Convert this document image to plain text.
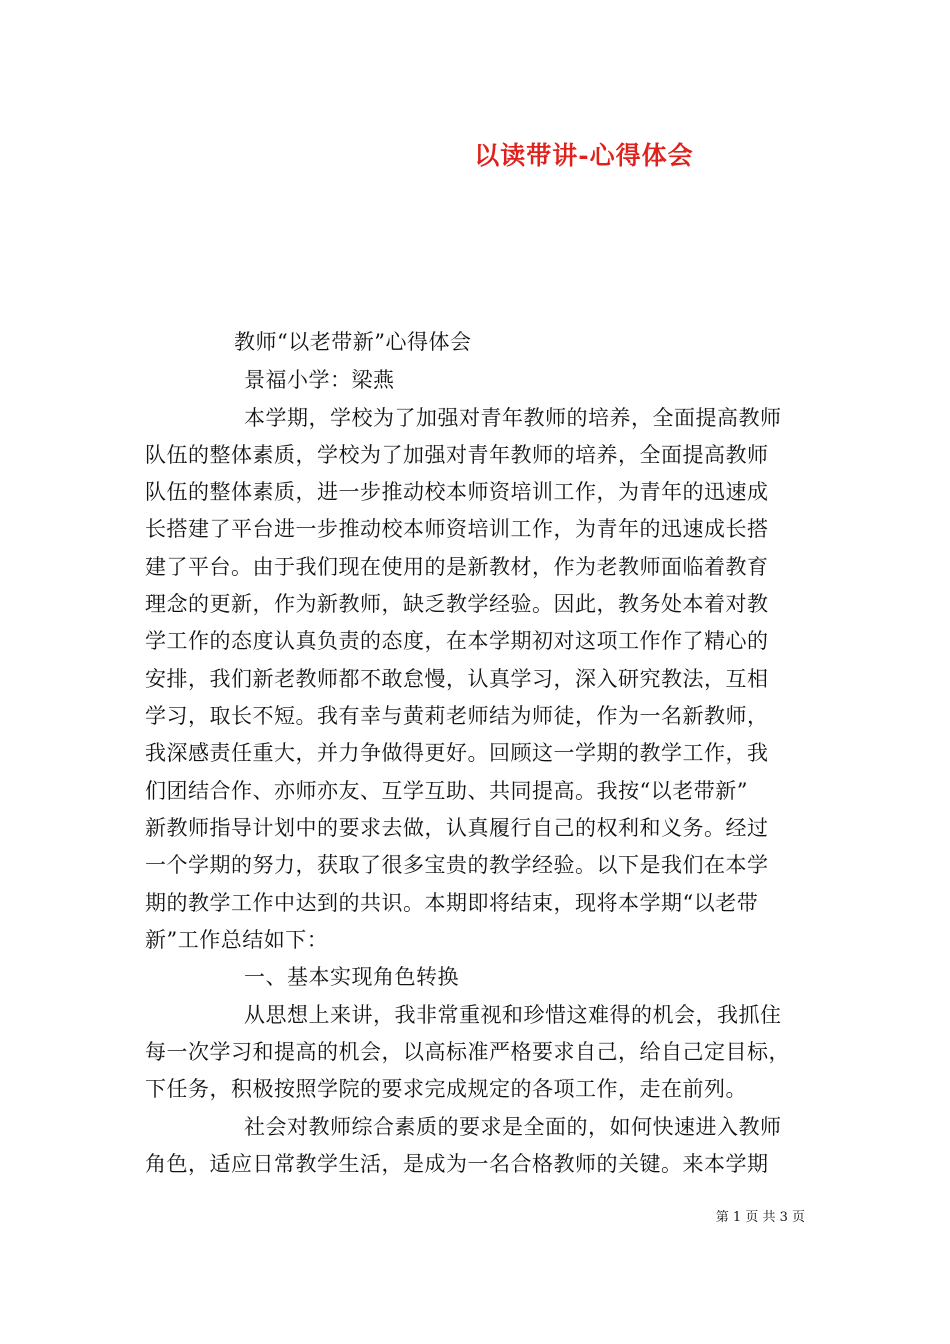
以读带讲-心得体会
教师“以老带新”心得体会
景福小学：梁燕
本学期，学校为了加强对青年教师的培养，全面提高教师
队伍的整体素质，学校为了加强对青年教师的培养，全面提高教师
队伍的整体素质，进一步推动校本师资培训工作，为青年的迅速成
长搭建了平台进一步推动校本师资培训工作，为青年的迅速成长搭
建了平台。由于我们现在使用的是新教材，作为老教师面临着教育
理念的更新，作为新教师，缺乏教学经验。因此，教务处本着对教
学工作的态度认真负责的态度，在本学期初对这项工作作了精心的
安排，我们新老教师都不敢怠慢，认真学习，深入研究教法，互相
学习，取长不短。我有幸与黄莉老师结为师徒，作为一名新教师，
我深感责任重大，并力争做得更好。回顾这一学期的教学工作，我
们团结合作、亦师亦友、互学互助、共同提高。我按“以老带新”
新教师指导计划中的要求去做，认真履行自己的权利和义务。经过
一个学期的努力，获取了很多宝贵的教学经验。以下是我们在本学
期的教学工作中达到的共识。本期即将结束，现将本学期“以老带
新”工作总结如下：
一、基本实现角色转换
从思想上来讲，我非常重视和珍惜这难得的机会，我抓住
每一次学习和提高的机会，以高标准严格要求自己，给自己定目标，
下任务，积极按照学院的要求完成规定的各项工作，走在前列。
社会对教师综合素质的要求是全面的，如何快速进入教师
角色，适应日常教学生活，是成为一名合格教师的关键。来本学期
第 1 页 共 3 页
